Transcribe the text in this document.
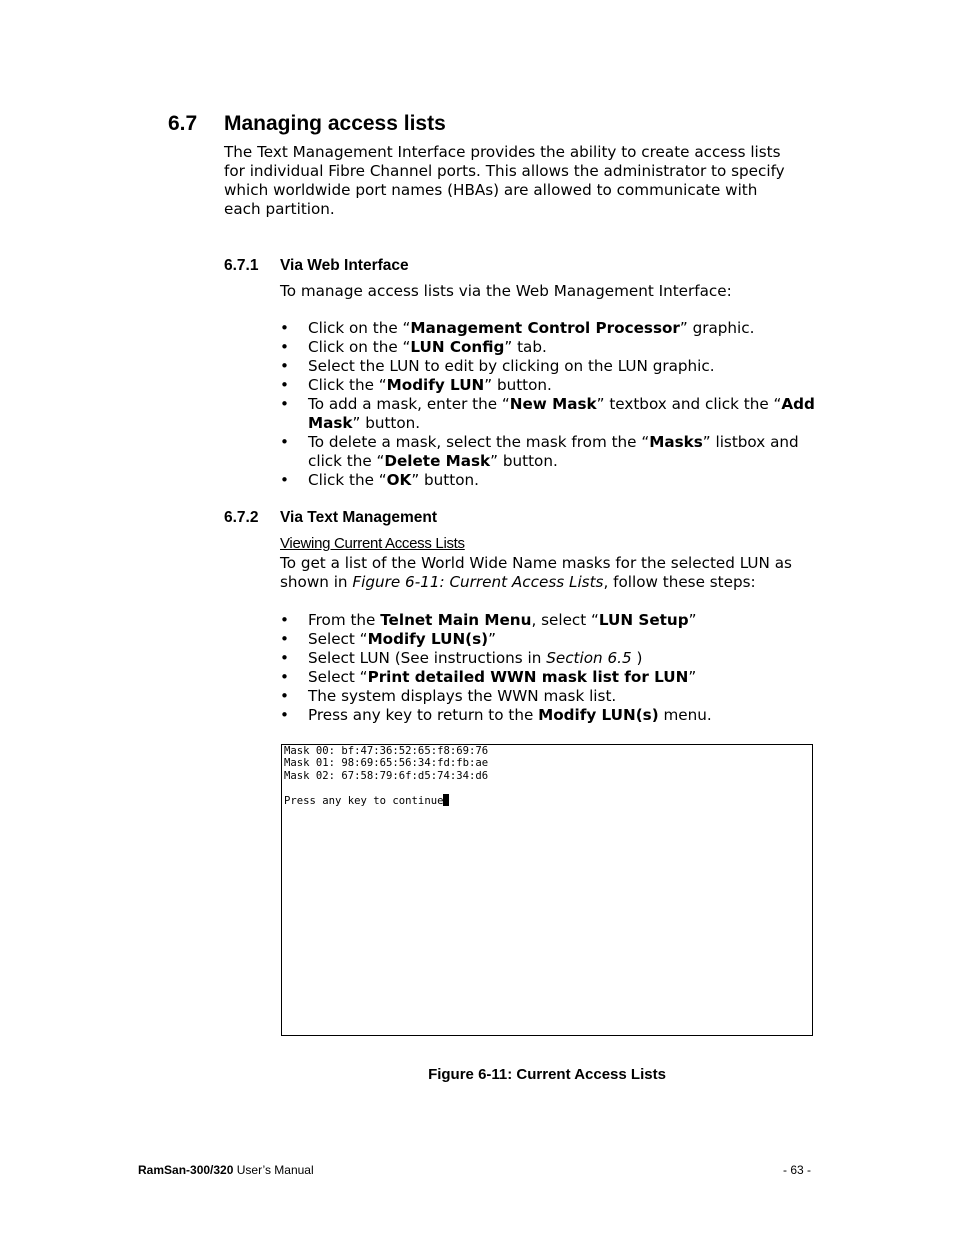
6.7 Managing access lists

The Text Management Interface provides the ability to create access lists

for individual Fibre Channel ports. This allows the administrator to specify

which worldwide port names (HBAs) are allowed to communicate with

each partition.

6.7.1 Via Web Interface
To manage access lists via the Web Management Interface:
• Click on the “Management Control Processor” graphic.
• Click on the “LUN Config” tab.
• Select the LUN to edit by clicking on the LUN graphic.
• Click the “Modify LUN” button.
• To add a mask, enter the “New Mask” textbox and click the “Add Mask” button.
• To delete a mask, select the mask from the “Masks” listbox and click the “Delete Mask” button.
• Click the “OK” button.
6.7.2 Via Text Management
Viewing Current Access Lists
To get a list of the World Wide Name masks for the selected LUN as shown in Figure 6-11: Current Access Lists, follow these steps:
• From the Telnet Main Menu, select “LUN Setup”
• Select “Modify LUN(s)”
• Select LUN (See instructions in Section 6.5 )
• Select “Print detailed WWN mask list for LUN”
• The system displays the WWN mask list.
• Press any key to return to the Modify LUN(s) menu.
Mask 00: bf:47:36:52:65:f8:69:76
Mask 01: 98:69:65:56:34:fd:fb:ae
Mask 02: 67:58:79:6f:d5:74:34:d6

Press any key to continue
Figure 6-11: Current Access Lists
RamSan-300/320 User’s Manual	- 63 -
